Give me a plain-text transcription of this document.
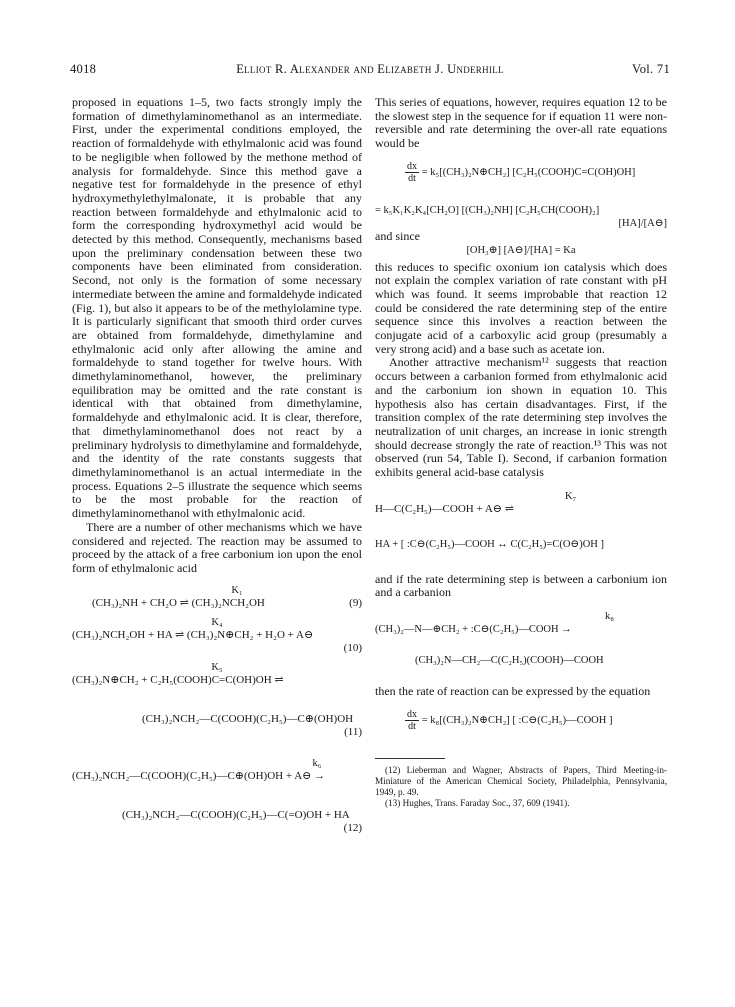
4018	Elliot R. Alexander and Elizabeth J. Underhill	Vol. 71

proposed in equations 1–5, two facts strongly imply the formation of dimethylaminomethanol as an intermediate. First, under the experimental conditions employed, the reaction of formaldehyde with ethylmalonic acid was found to be negligible when followed by the methone method of analysis for formaldehyde. Since this method gave a negative test for formaldehyde in the presence of ethyl hydroxymethylethylmalonate, it is probable that any reaction between formaldehyde and ethylmalonic acid to form the corresponding hydroxymethyl acid would be detected by this method. Consequently, mechanisms based upon the preliminary condensation between these two components have been eliminated from consideration. Second, not only is the formation of some necessary intermediate between the amine and formaldehyde indicated (Fig. 1), but also it appears to be of the methylolamine type. It is particularly significant that smooth third order curves are obtained from formaldehyde, dimethylamine and ethylmalonic acid only after allowing the amine and formaldehyde to stand together for twelve hours. With dimethylaminomethanol, however, the preliminary equilibration may be omitted and the rate constant is identical with that obtained from dimethylamine, formaldehyde and ethylmalonic acid. It is clear, therefore, that dimethylaminomethanol does not react by a preliminary hydrolysis to dimethylamine and formaldehyde, and the identity of the rate constants suggests that dimethylaminomethanol is an actual intermediate in the process. Equations 2–5 illustrate the sequence which seems to be the most probable for the reaction of dimethylaminomethanol with ethylmalonic acid.

There are a number of other mechanisms which we have considered and rejected. The reaction may be assumed to proceed by the attack of a free carbonium ion upon the enol form of ethylmalonic acid

K₁
(CH₃)₂NH + CH₂O ⇌ (CH₃)₂NCH₂OH	(9)
K₄
(CH₃)₂NCH₂OH + HA ⇌ (CH₃)₂N⊕CH₂ + H₂O + A⊖
(10)
K₅
(CH₃)₂N⊕CH₂ + C₂H₅(COOH)C=C(OH)OH ⇌
(CH₃)₂NCH₂—C(COOH)(C₂H₅)—C⊕(OH)OH
(11)
k₆
(CH₃)₂NCH₂—C(COOH)(C₂H₅)—C⊕(OH)OH + A⊖ →
(CH₃)₂NCH₂—C(COOH)(C₂H₅)—C(=O)OH + HA
(12)

This series of equations, however, requires equation 12 to be the slowest step in the sequence for if equation 11 were non-reversible and rate determining the over-all rate equations would be

$\frac{dx}{dt}$ = k₅[(CH₃)₂N⊕CH₂] [C₂H₅(COOH)C=C(OH)OH]
= k₅K₁K₂K₄[CH₂O] [(CH₃)₂NH] [C₂H₅CH(COOH)₂]
[HA]/[A⊖]

and since

[OH₃⊕] [A⊖]/[HA] = Ka

this reduces to specific oxonium ion catalysis which does not explain the complex variation of rate constant with pH which was found. It seems improbable that reaction 12 could be considered the rate determining step of the entire sequence since this involves a reaction between the conjugate acid of a carboxylic acid group (presumably a very strong acid) and a base such as acetate ion.

Another attractive mechanism¹² suggests that reaction occurs between a carbanion formed from ethylmalonic acid and the carbonium ion shown in equation 10. This hypothesis also has certain disadvantages. First, if the transition complex of the rate determining step involves the neutralization of unit charges, an increase in ionic strength should decrease strongly the rate of reaction.¹³ This was not observed (run 54, Table I). Second, if carbanion formation exhibits general acid-base catalysis

K₇
H—C(C₂H₅)—COOH + A⊖ ⇌
HA + [ :C⊖(C₂H₅)—COOH ↔ C(C₂H₅)=C(O⊖)OH ]

and if the rate determining step is between a carbonium ion and a carbanion

k₈
(CH₃)₂—N—⊕CH₂ + :C⊖(C₂H₅)—COOH →
(CH₃)₂N—CH₂—C(C₂H₅)(COOH)—COOH

then the rate of reaction can be expressed by the equation

$\frac{dx}{dt}$ = k₈[(CH₃)₂N⊕CH₂] [ :C⊖(C₂H₅)—COOH ]

(12) Lieberman and Wagner, Abstracts of Papers, Third Meeting-in-Miniature of the American Chemical Society, Philadelphia, Pennsylvania, 1949, p. 49.

(13) Hughes, Trans. Faraday Soc., 37, 609 (1941).
